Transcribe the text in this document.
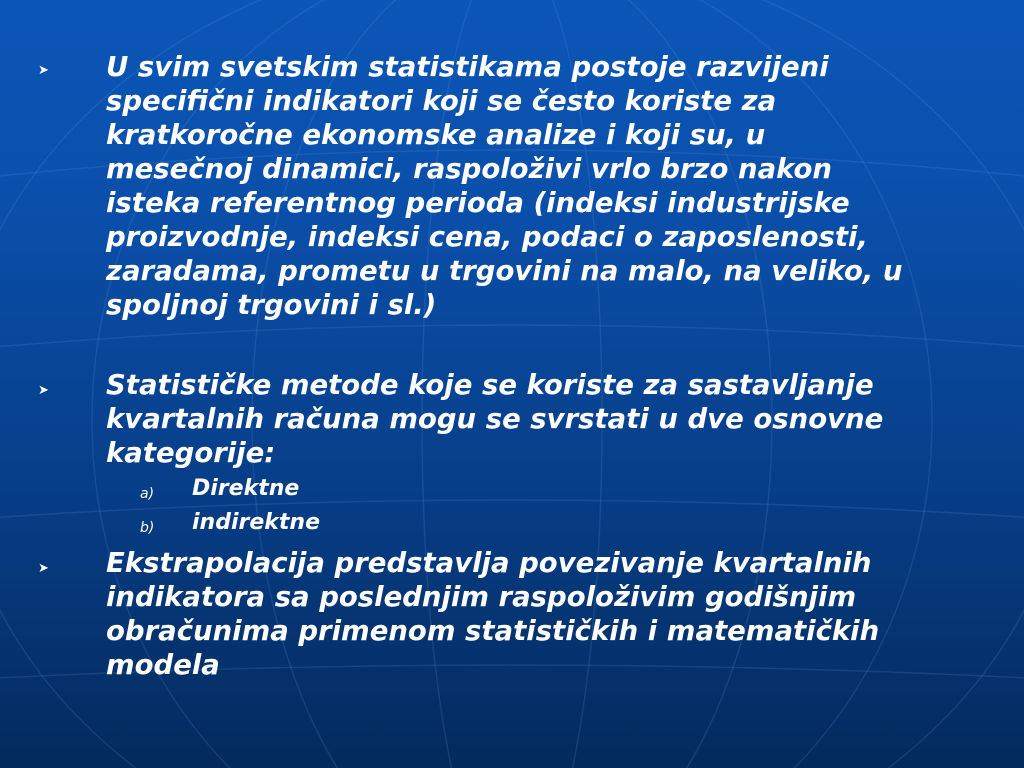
➤ U svim svetskim statistikama postoje razvijeni
specifični indikatori koji se često koriste za
kratkoročne ekonomske analize i koji su, u
mesečnoj dinamici, raspoloživi vrlo brzo nakon
isteka referentnog perioda (indeksi industrijske
proizvodnje, indeksi cena, podaci o zaposlenosti,
zaradama, prometu u trgovini na malo, na veliko, u
spoljnoj trgovini i sl.)

➤ Statističke metode koje se koriste za sastavljanje
kvartalnih računa mogu se svrstati u dve osnovne
kategorije:

a) Direktne
b) indirektne
➤ Ekstrapolacija predstavlja povezivanje kvartalnih
indikatora sa poslednjim raspoloživim godišnjim
obračunima primenom statističkih i matematičkih
modela
